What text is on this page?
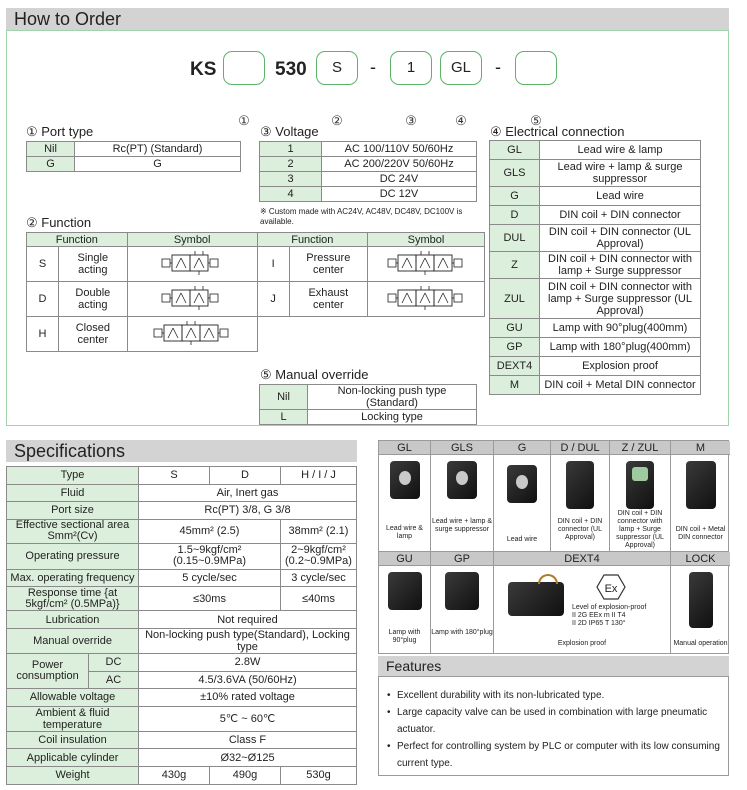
How to Order
KS	530	S	-	1	GL	-
①	②	③	④	⑤
① Port type
Nil	Rc(PT) (Standard)
G	G
③ Voltage
1	AC 100/110V 50/60Hz
2	AC 200/220V 50/60Hz
3	DC 24V
4	DC 12V
※ Custom made with AC24V, AC48V, DC48V, DC100V is available.
② Function
Function		Symbol	Function		Symbol
S	Single acting		I	Pressure center	

D	Double acting		J	Exhaust center	

H	Closed center	

⑤ Manual override
Nil	Non-locking push type (Standard)
L	Locking type
④ Electrical connection
GL	Lead wire & lamp
GLS	Lead wire + lamp & surge suppressor
G	Lead wire
D	DIN coil + DIN connector
DUL	DIN coil + DIN connector (UL Approval)
Z	DIN coil + DIN connector with lamp + Surge suppressor
ZUL	DIN coil + DIN connector with lamp + Surge suppressor (UL Approval)
GU	Lamp with 90°plug(400mm)
GP	Lamp with 180°plug(400mm)
DEXT4	Explosion proof
M	DIN coil + Metal DIN connector
Specifications
Type		S	D	H / I / J
Fluid		Air, Inert gas		
Port size		Rc(PT) 3/8, G 3/8		
Effective sectional area Smm²(Cv)		45mm² (2.5)		38mm² (2.1)
Operating pressure		1.5~9kgf/cm² (0.15~0.9MPa)		2~9kgf/cm² (0.2~0.9MPa)
Max. operating frequency		5 cycle/sec		3 cycle/sec
Response time {at 5kgf/cm² (0.5MPa)}		≤30ms		≤40ms
Lubrication		Not required		
Manual override		Non-locking push type(Standard), Locking type		
Power consumption	DC	2.8W		
	AC	4.5/3.6VA (50/60Hz)		
Allowable voltage		±10% rated voltage		
Ambient & fluid temperature		5℃ ~ 60℃		
Coil insulation		Class F		
Applicable cylinder		Ø32~Ø125		
Weight		430g	490g	530g
GL
Lead wire & lamp
GLS
Lead wire + lamp & surge suppressor
G
Lead wire
D / DUL
DIN coil + DIN connector (UL Approval)
Z / ZUL
DIN coil + DIN connector with lamp + Surge suppressor (UL Approval)
M
DIN coil + Metal DIN connector
GU
Lamp with 90°plug
GP
Lamp with 180°plug
DEXT4
Ex
Level of explosion-proof
II 2G EEx m II T4
II 2D IP65 T 130°
Explosion proof
LOCK
Manual operation
Features
• Excellent durability with its non-lubricated type.
• Large capacity valve can be used in combination with large pneumatic actuator.
• Perfect for controlling system by PLC or computer with its low consuming current type.
